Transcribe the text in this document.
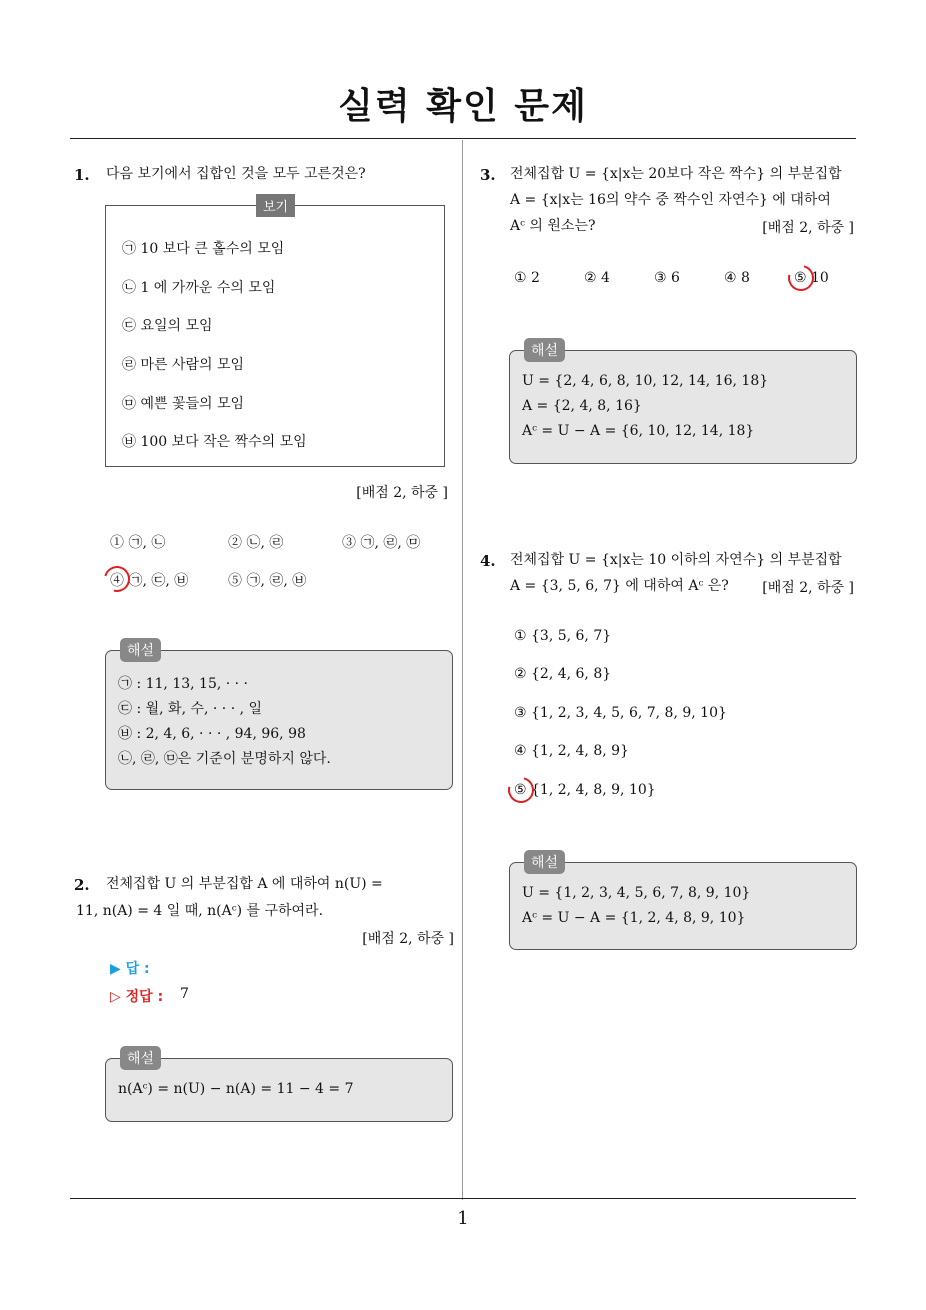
실력 확인 문제
1. 다음 보기에서 집합인 것을 모두 고른것은?
보기
㉠ 10 보다 큰 홀수의 모임
㉡ 1 에 가까운 수의 모임
㉢ 요일의 모임
㉣ 마른 사람의 모임
㉤ 예쁜 꽃들의 모임
㉥ 100 보다 작은 짝수의 모임
[배점 2, 하중 ]
① ㉠, ㉡	② ㉡, ㉣	③ ㉠, ㉣, ㉤
④ ㉠, ㉢, ㉥	⑤ ㉠, ㉣, ㉥
해설
㉠ : 11, 13, 15, · · ·
㉢ : 월, 화, 수, · · · , 일
㉥ : 2, 4, 6, · · · , 94, 96, 98
㉡, ㉣, ㉤은 기준이 분명하지 않다.
2. 전체집합 U 의 부분집합 A 에 대하여 n(U) =
11, n(A) = 4 일 때, n(Aᶜ) 를 구하여라.
[배점 2, 하중 ]
▶ 답 :
▷ 정답 : 7
해설
n(Aᶜ) = n(U) − n(A) = 11 − 4 = 7
3. 전체집합 U = {x|x는 20보다 작은 짝수} 의 부분집합
A = {x|x는 16의 약수 중 짝수인 자연수} 에 대하여
Aᶜ 의 원소는?	[배점 2, 하중 ]
① 2	② 4	③ 6	④ 8	⑤ 10
해설
U = {2, 4, 6, 8, 10, 12, 14, 16, 18}
A = {2, 4, 8, 16}
Aᶜ = U − A = {6, 10, 12, 14, 18}
4. 전체집합 U = {x|x는 10 이하의 자연수} 의 부분집합
A = {3, 5, 6, 7} 에 대하여 Aᶜ 은?	[배점 2, 하중 ]
① {3, 5, 6, 7}
② {2, 4, 6, 8}
③ {1, 2, 3, 4, 5, 6, 7, 8, 9, 10}
④ {1, 2, 4, 8, 9}
⑤ {1, 2, 4, 8, 9, 10}
해설
U = {1, 2, 3, 4, 5, 6, 7, 8, 9, 10}
Aᶜ = U − A = {1, 2, 4, 8, 9, 10}
1
